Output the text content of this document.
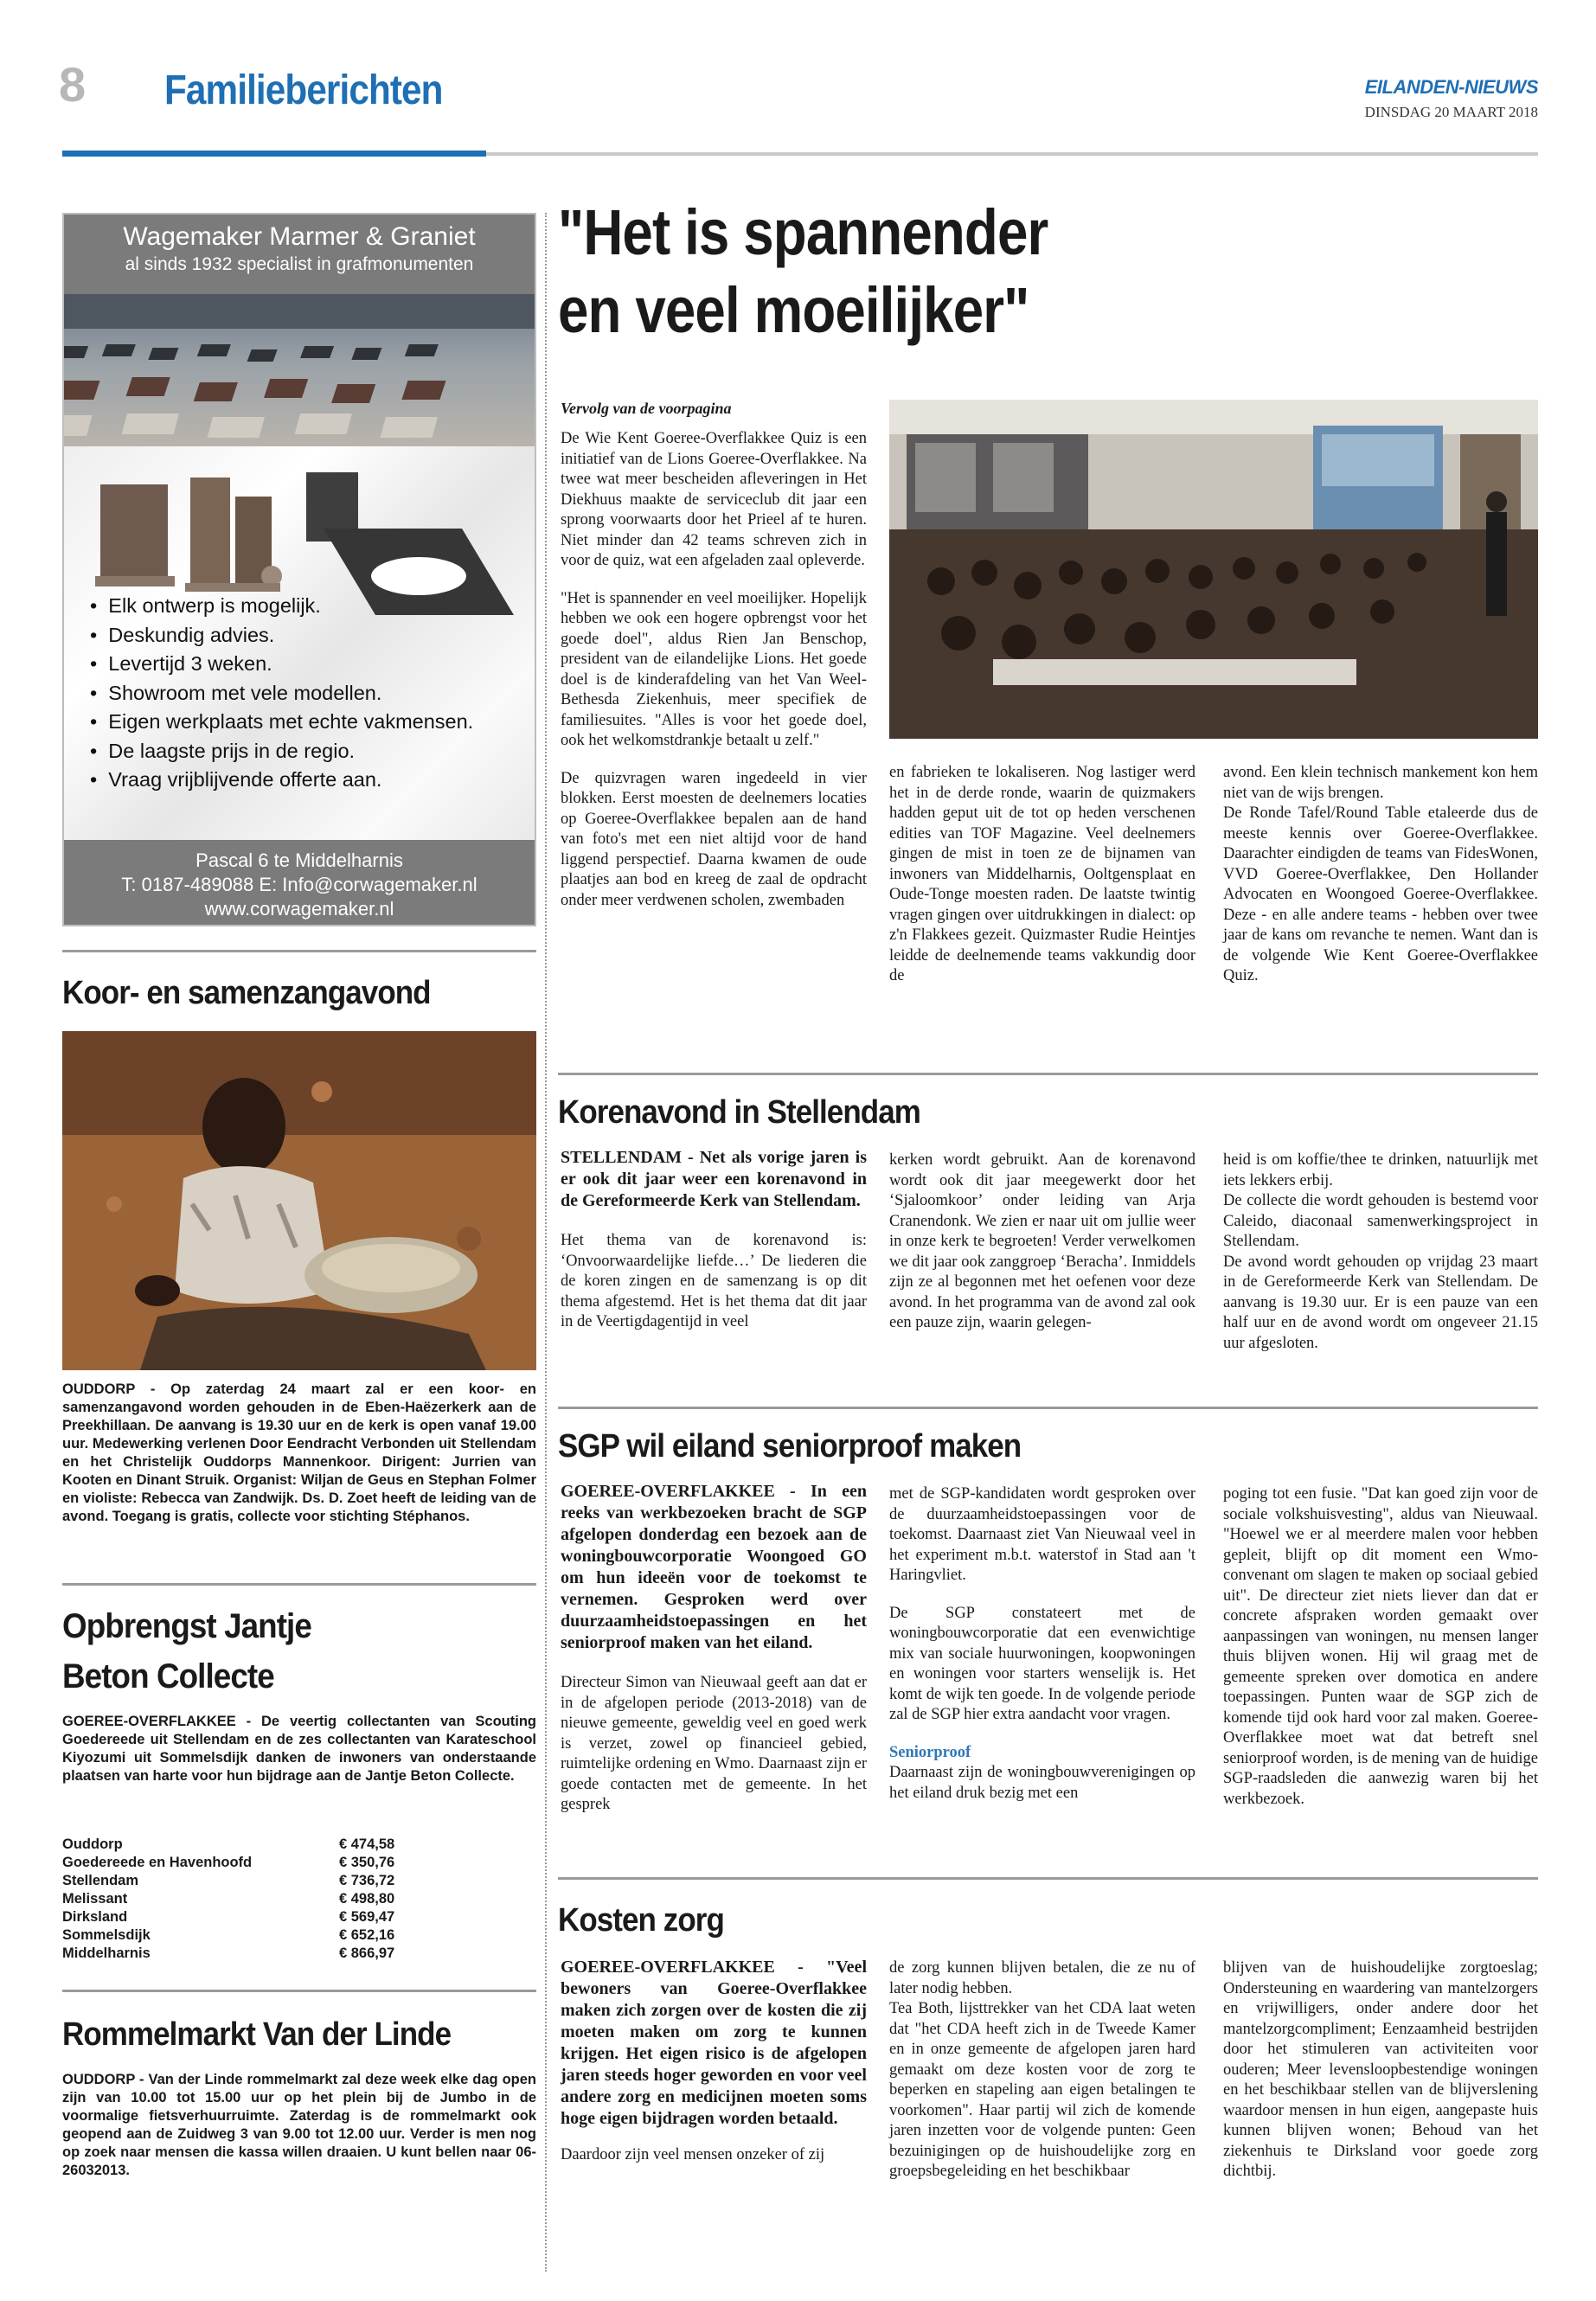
8 Familieberichten	EILANDEN-NIEUWS
DINSDAG 20 MAART 2018
Wagemaker Marmer & Graniet
al sinds 1932 specialist in grafmonumenten
•  Elk ontwerp is mogelijk.
•  Deskundig advies.
•  Levertijd 3 weken.
•  Showroom met vele modellen.
•  Eigen werkplaats met echte vakmensen.
•  De laagste prijs in de regio.
•  Vraag vrijblijvende offerte aan.
Pascal 6 te Middelharnis
T: 0187-489088 E: Info@corwagemaker.nl
www.corwagemaker.nl
Koor- en samenzangavond
OUDDORP - Op zaterdag 24 maart zal er een koor- en samenzangavond worden gehouden in de Eben-Haëzerkerk aan de Preekhillaan. De aanvang is 19.30 uur en de kerk is open vanaf 19.00 uur. Medewerking verlenen Door Eendracht Verbonden uit Stellendam en het Christelijk Ouddorps Mannenkoor. Dirigent: Jurrien van Kooten en Dinant Struik. Organist: Wiljan de Geus en Stephan Folmer en violiste: Rebecca van Zandwijk. Ds. D. Zoet heeft de leiding van de avond. Toegang is gratis, collecte voor stichting Stéphanos.
Opbrengst Jantje
Beton Collecte
GOEREE-OVERFLAKKEE - De veertig collectanten van Scouting Goedereede uit Stellendam en de zes collectanten van Karateschool Kiyozumi uit Sommelsdijk danken de inwoners van onderstaande plaatsen van harte voor hun bijdrage aan de Jantje Beton Collecte.
Ouddorp	€ 474,58
Goedereede en Havenhoofd	€ 350,76
Stellendam	€ 736,72
Melissant	€ 498,80
Dirksland	€ 569,47
Sommelsdijk	€ 652,16
Middelharnis	€ 866,97
Rommelmarkt Van der Linde
OUDDORP - Van der Linde rommelmarkt zal deze week elke dag open zijn van 10.00 tot 15.00 uur op het plein bij de Jumbo in de voormalige fietsverhuurruimte. Zaterdag is de rommelmarkt ook geopend aan de Zuidweg 3 van 9.00 tot 12.00 uur. Verder is men nog op zoek naar mensen die kassa willen draaien. U kunt bellen naar 06-26032013.
"Het is spannender
en veel moeilijker"
Vervolg van de voorpagina

De Wie Kent Goeree-Overflakkee Quiz is een initiatief van de Lions Goeree-Overflakkee. Na twee wat meer bescheiden afleveringen in Het Diekhuus maakte de serviceclub dit jaar een sprong voorwaarts door het Prieel af te huren. Niet minder dan 42 teams schreven zich in voor de quiz, wat een afgeladen zaal opleverde.

"Het is spannender en veel moeilijker. Hopelijk hebben we ook een hogere opbrengst voor het goede doel", aldus Rien Jan Benschop, president van de eilandelijke Lions. Het goede doel is de kinderafdeling van het Van Weel-Bethesda Ziekenhuis, meer specifiek de familiesuites. "Alles is voor het goede doel, ook het welkomstdrankje betaalt u zelf."

De quizvragen waren ingedeeld in vier blokken. Eerst moesten de deelnemers locaties op Goeree-Overflakkee bepalen aan de hand van foto's met een niet altijd voor de hand liggend perspectief. Daarna kwamen de oude plaatjes aan bod en kreeg de zaal de opdracht onder meer verdwenen scholen, zwembaden

en fabrieken te lokaliseren. Nog lastiger werd het in de derde ronde, waarin de quizmakers hadden geput uit de tot op heden verschenen edities van TOF Magazine. Veel deelnemers gingen de mist in toen ze de bijnamen van inwoners van Middelharnis, Ooltgensplaat en Oude-Tonge moesten raden. De laatste twintig vragen gingen over uitdrukkingen in dialect: op z'n Flakkees gezeit. Quizmaster Rudie Heintjes leidde de deelnemende teams vakkundig door de

avond. Een klein technisch mankement kon hem niet van de wijs brengen.

De Ronde Tafel/Round Table etaleerde dus de meeste kennis over Goeree-Overflakkee. Daarachter eindigden de teams van FidesWonen, VVD Goeree-Overflakkee, Den Hollander Advocaten en Woongoed Goeree-Overflakkee. Deze - en alle andere teams - hebben over twee jaar de kans om revanche te nemen. Want dan is de volgende Wie Kent Goeree-Overflakkee Quiz.

Korenavond in Stellendam

STELLENDAM - Net als vorige jaren is er ook dit jaar weer een korenavond in de Gereformeerde Kerk van Stellendam.

Het thema van de korenavond is: ‘Onvoorwaardelijke liefde…’ De liederen die de koren zingen en de samenzang is op dit thema afgestemd. Het is het thema dat dit jaar in de Veertigdagentijd in veel

kerken wordt gebruikt. Aan de korenavond wordt ook dit jaar meegewerkt door het ‘Sjaloomkoor’ onder leiding van Arja Cranendonk. We zien er naar uit om jullie weer in onze kerk te begroeten! Verder verwelkomen we dit jaar ook zanggroep ‘Beracha’. Inmiddels zijn ze al begonnen met het oefenen voor deze avond. In het programma van de avond zal ook een pauze zijn, waarin gelegen-

heid is om koffie/thee te drinken, natuurlijk met iets lekkers erbij.

De collecte die wordt gehouden is bestemd voor Caleido, diaconaal samenwerkingsproject in Stellendam.

De avond wordt gehouden op vrijdag 23 maart in de Gereformeerde Kerk van Stellendam. De aanvang is 19.30 uur. Er is een pauze van een half uur en de avond wordt om ongeveer 21.15 uur afgesloten.

SGP wil eiland seniorproof maken

GOEREE-OVERFLAKKEE - In een reeks van werkbezoeken bracht de SGP afgelopen donderdag een bezoek aan de woningbouwcorporatie Woongoed GO om hun ideeën voor de toekomst te vernemen. Gesproken werd over duurzaamheidstoepassingen en het seniorproof maken van het eiland.

Directeur Simon van Nieuwaal geeft aan dat er in de afgelopen periode (2013-2018) van de nieuwe gemeente, geweldig veel en goed werk is verzet, zowel op financieel gebied, ruimtelijke ordening en Wmo. Daarnaast zijn er goede contacten met de gemeente. In het gesprek

met de SGP-kandidaten wordt gesproken over de duurzaamheidstoepassingen voor de toekomst. Daarnaast ziet Van Nieuwaal veel in het experiment m.b.t. waterstof in Stad aan 't Haringvliet.

De SGP constateert met de woningbouwcorporatie dat een evenwichtige mix van sociale huurwoningen, koopwoningen en woningen voor starters wenselijk is. Het komt de wijk ten goede. In de volgende periode zal de SGP hier extra aandacht voor vragen.

Seniorproof

Daarnaast zijn de woningbouwverenigingen op het eiland druk bezig met een

poging tot een fusie. "Dat kan goed zijn voor de sociale volkshuisvesting", aldus van Nieuwaal. "Hoewel we er al meerdere malen voor hebben gepleit, blijft op dit moment een Wmo-convenant om slagen te maken op sociaal gebied uit". De directeur ziet niets liever dan dat er concrete afspraken worden gemaakt over aanpassingen van woningen, nu mensen langer thuis blijven wonen. Hij wil graag met de gemeente spreken over domotica en andere toepassingen. Punten waar de SGP zich de komende tijd ook hard voor zal maken. Goeree-Overflakkee moet wat dat betreft snel seniorproof worden, is de mening van de huidige SGP-raadsleden die aanwezig waren bij het werkbezoek.

Kosten zorg

GOEREE-OVERFLAKKEE - "Veel bewoners van Goeree-Overflakkee maken zich zorgen over de kosten die zij moeten maken om zorg te kunnen krijgen. Het eigen risico is de afgelopen jaren steeds hoger geworden en voor veel andere zorg en medicijnen moeten soms hoge eigen bijdragen worden betaald.

Daardoor zijn veel mensen onzeker of zij

de zorg kunnen blijven betalen, die ze nu of later nodig hebben.

Tea Both, lijsttrekker van het CDA laat weten dat "het CDA heeft zich in de Tweede Kamer en in onze gemeente de afgelopen jaren hard gemaakt om deze kosten voor de zorg te beperken en stapeling aan eigen betalingen te voorkomen". Haar partij wil zich de komende jaren inzetten voor de volgende punten: Geen bezuinigingen op de huishoudelijke zorg en groepsbegeleiding en het beschikbaar

blijven van de huishoudelijke zorgtoeslag; Ondersteuning en waardering van mantelzorgers en vrijwilligers, onder andere door het mantelzorgcompliment; Eenzaamheid bestrijden door het stimuleren van activiteiten voor ouderen; Meer levensloopbestendige woningen en het beschikbaar stellen van de blijverslening waardoor mensen in hun eigen, aangepaste huis kunnen blijven wonen; Behoud van het ziekenhuis te Dirksland voor goede zorg dichtbij.
